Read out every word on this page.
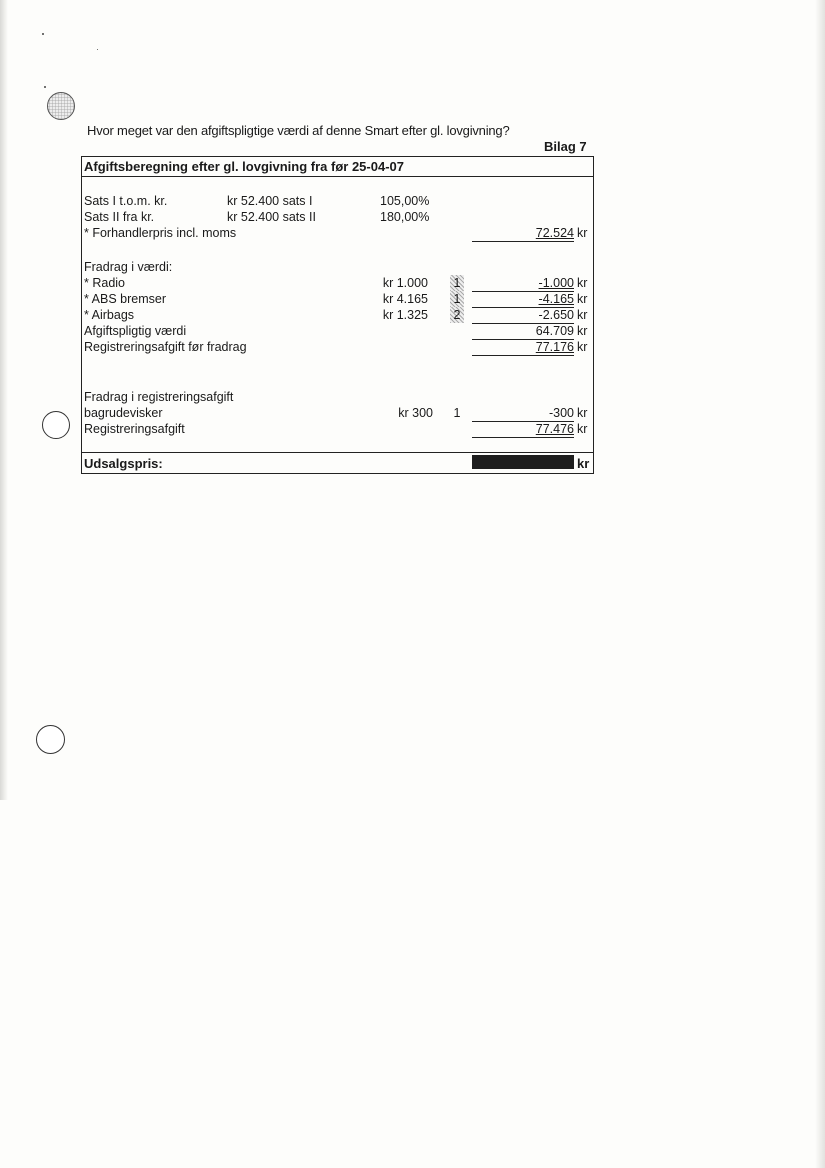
Hvor meget var den afgiftspligtige værdi af denne Smart efter gl. lovgivning?
Bilag 7
Afgiftsberegning efter gl. lovgivning fra før 25-04-07
Sats I t.o.m. kr.	kr 52.400 sats I	105,00%
Sats II fra kr.	kr 52.400 sats II	180,00%
* Forhandlerpris incl. moms	72.524 kr
Fradrag i værdi:
* Radio	kr 1.000 1	-1.000 kr
* ABS bremser	kr 4.165 1	-4.165 kr
* Airbags	kr 1.325 2	-2.650 kr
Afgiftspligtig værdi	64.709 kr
Registreringsafgift før fradrag	77.176 kr
Fradrag i registreringsafgift
bagrudevisker	kr 300 1	-300 kr
Registreringsafgift	77.476 kr
Udsalgspris:	kr
